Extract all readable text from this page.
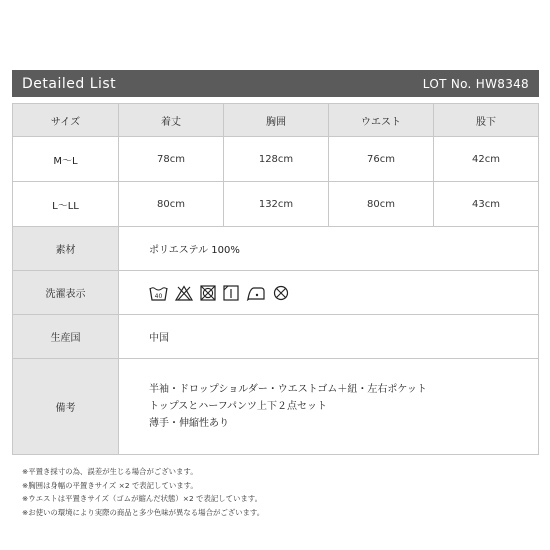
Detailed List	LOT No. HW8348
サイズ	着丈	胸囲	ウエスト	股下
M～L	78cm	128cm	76cm	42cm
L～LL	80cm	132cm	80cm	43cm
素材	ポリエステル 100%			
洗濯表示	40			

生産国	中国			
備考	半袖・ドロップショルダー・ウエストゴム＋紐・左右ポケット
トップスとハーフパンツ上下２点セット
薄手・伸縮性あり			
※平置き採寸の為、誤差が生じる場合がございます。
※胸囲は身幅の平置きサイズ ×2 で表記しています。
※ウエストは平置きサイズ（ゴムが縮んだ状態）×2 で表記しています。
※お使いの環境により実際の商品と多少色味が異なる場合がございます。
